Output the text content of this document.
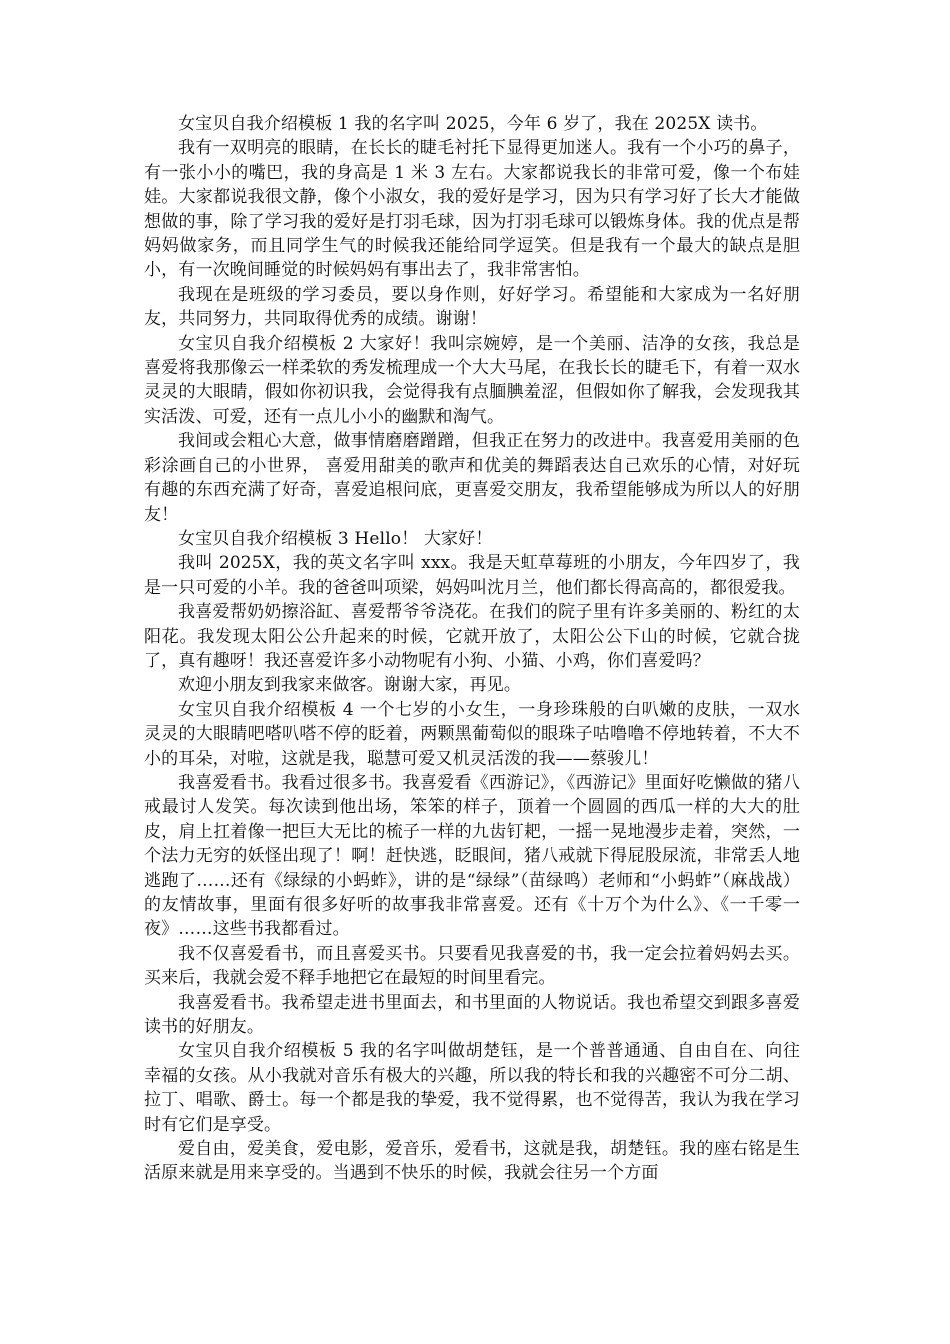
女宝贝自我介绍模板 1 我的名字叫 2025，今年 6 岁了，我在 2025X 读书。

我有一双明亮的眼睛，在长长的睫毛衬托下显得更加迷人。我有一个小巧的鼻子，有一张小小的嘴巴，我的身高是 1 米 3 左右。大家都说我长的非常可爱，像一个布娃娃。大家都说我很文静，像个小淑女，我的爱好是学习，因为只有学习好了长大才能做想做的事，除了学习我的爱好是打羽毛球，因为打羽毛球可以锻炼身体。我的优点是帮妈妈做家务，而且同学生气的时候我还能给同学逗笑。但是我有一个最大的缺点是胆小，有一次晚间睡觉的时候妈妈有事出去了，我非常害怕。

我现在是班级的学习委员，要以身作则，好好学习。希望能和大家成为一名好朋友，共同努力，共同取得优秀的成绩。谢谢！

女宝贝自我介绍模板 2 大家好！我叫宗婉婷，是一个美丽、洁净的女孩，我总是喜爱将我那像云一样柔软的秀发梳理成一个大大马尾，在我长长的睫毛下，有着一双水灵灵的大眼睛，假如你初识我，会觉得我有点腼腆羞涩，但假如你了解我，会发现我其实活泼、可爱，还有一点儿小小的幽默和淘气。

我间或会粗心大意，做事情磨磨蹭蹭，但我正在努力的改进中。我喜爱用美丽的色彩涂画自己的小世界， 喜爱用甜美的歌声和优美的舞蹈表达自己欢乐的心情，对好玩有趣的东西充满了好奇，喜爱追根问底，更喜爱交朋友，我希望能够成为所以人的好朋友！

女宝贝自我介绍模板 3 Hello！ 大家好！

我叫 2025X，我的英文名字叫 xxx。我是天虹草莓班的小朋友，今年四岁了，我是一只可爱的小羊。我的爸爸叫项梁，妈妈叫沈月兰，他们都长得高高的，都很爱我。

我喜爱帮奶奶擦浴缸、喜爱帮爷爷浇花。在我们的院子里有许多美丽的、粉红的太阳花。我发现太阳公公升起来的时候，它就开放了，太阳公公下山的时候，它就合拢了，真有趣呀！我还喜爱许多小动物呢有小狗、小猫、小鸡，你们喜爱吗？

欢迎小朋友到我家来做客。谢谢大家，再见。

女宝贝自我介绍模板 4 一个七岁的小女生，一身珍珠般的白叭嫩的皮肤，一双水灵灵的大眼睛吧嗒叭嗒不停的眨着，两颗黑葡萄似的眼珠子咕噜噜不停地转着，不大不小的耳朵，对啦，这就是我，聪慧可爱又机灵活泼的我——蔡骏儿！

我喜爱看书。我看过很多书。我喜爱看《西游记》，《西游记》里面好吃懒做的猪八戒最讨人发笑。每次读到他出场，笨笨的样子，顶着一个圆圆的西瓜一样的大大的肚皮，肩上扛着像一把巨大无比的梳子一样的九齿钉耙，一摇一晃地漫步走着，突然，一个法力无穷的妖怪出现了！啊！赶快逃，眨眼间，猪八戒就下得屁股尿流，非常丢人地逃跑了……还有《绿绿的小蚂蚱》，讲的是“绿绿”（苗绿鸣）老师和“小蚂蚱”（麻战战）的友情故事，里面有很多好听的故事我非常喜爱。还有《十万个为什么》、《一千零一夜》……这些书我都看过。

我不仅喜爱看书，而且喜爱买书。只要看见我喜爱的书，我一定会拉着妈妈去买。买来后，我就会爱不释手地把它在最短的时间里看完。

我喜爱看书。我希望走进书里面去，和书里面的人物说话。我也希望交到跟多喜爱读书的好朋友。

女宝贝自我介绍模板 5 我的名字叫做胡楚钰，是一个普普通通、自由自在、向往幸福的女孩。从小我就对音乐有极大的兴趣，所以我的特长和我的兴趣密不可分二胡、拉丁、唱歌、爵士。每一个都是我的挚爱，我不觉得累，也不觉得苦，我认为我在学习时有它们是享受。

爱自由，爱美食，爱电影，爱音乐，爱看书，这就是我，胡楚钰。我的座右铭是生活原来就是用来享受的。当遇到不快乐的时候，我就会往另一个方面
